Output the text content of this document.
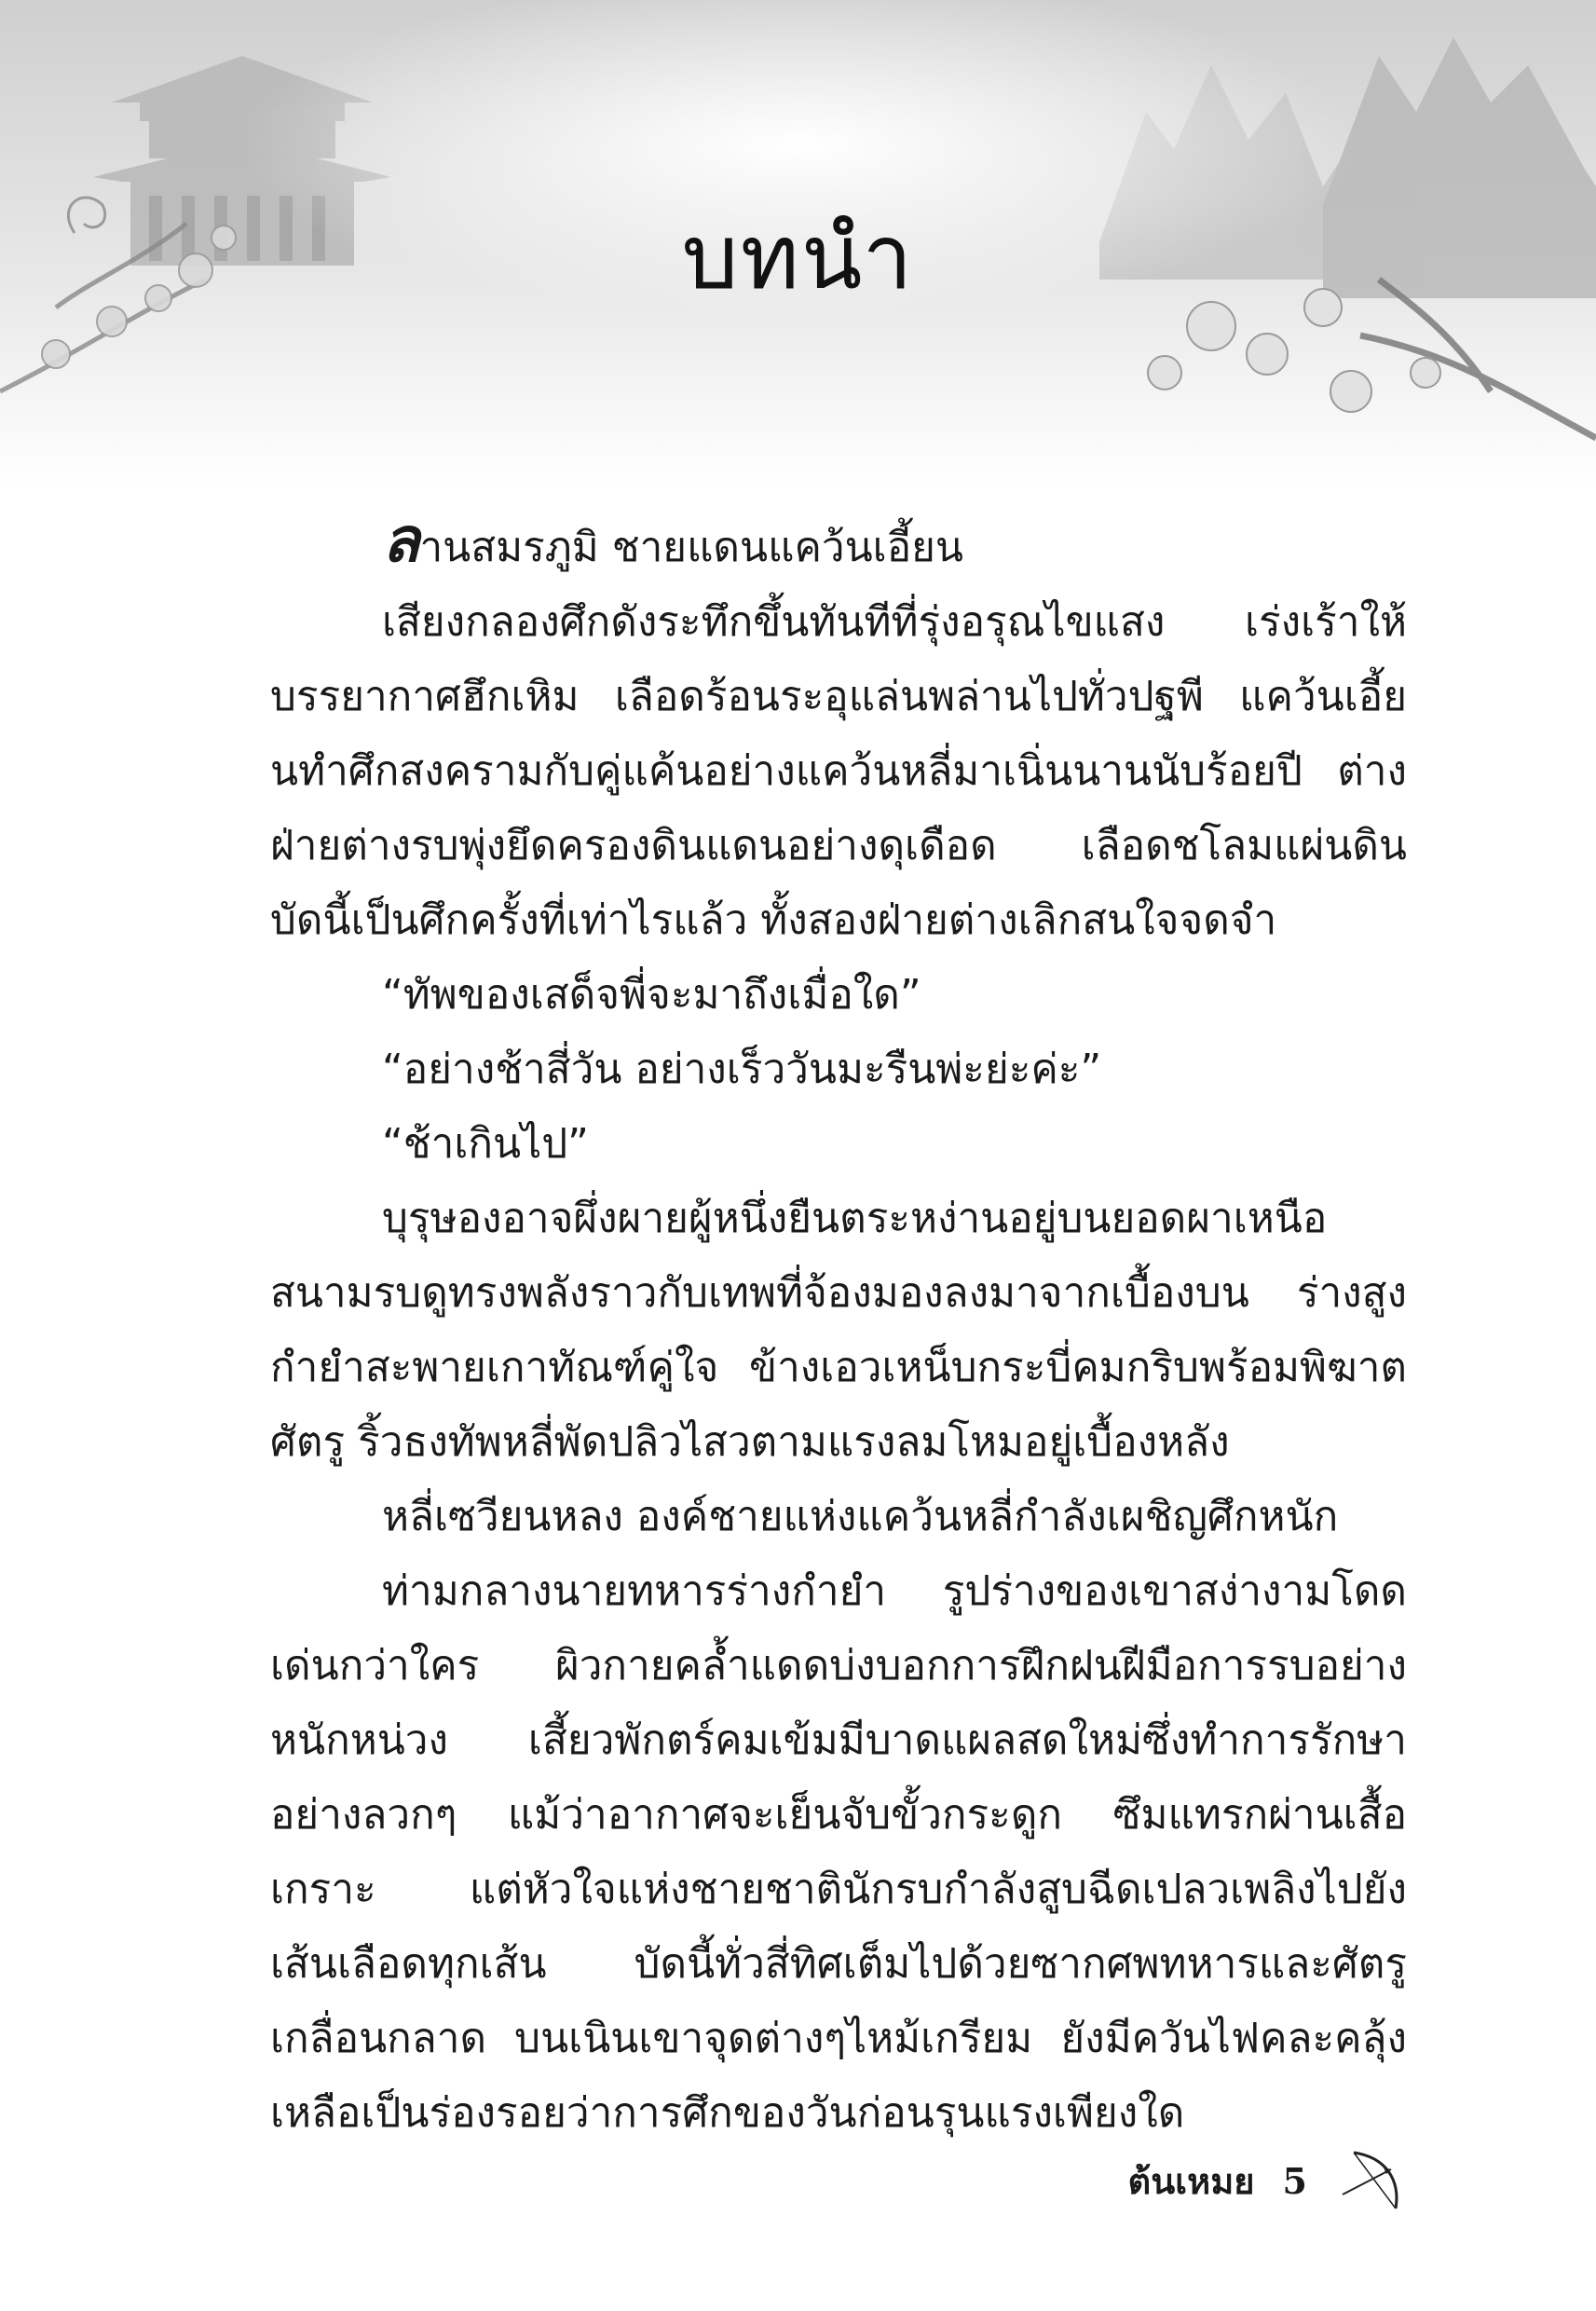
บทนำ

ลานสมรภูมิ ชายแดนแคว้นเอี้ยน

เสียงกลองศึกดังระทึกขึ้นทันทีที่รุ่งอรุณไขแสง เร่งเร้าให้บรรยากาศฮึกเหิม เลือดร้อนระอุแล่นพล่านไปทั่วปฐพี แคว้นเอี้ยนทำศึกสงครามกับคู่แค้นอย่างแคว้นหลี่มาเนิ่นนานนับร้อยปี ต่างฝ่ายต่างรบพุ่งยึดครองดินแดนอย่างดุเดือด เลือดชโลมแผ่นดิน บัดนี้เป็นศึกครั้งที่เท่าไรแล้ว ทั้งสองฝ่ายต่างเลิกสนใจจดจำ

“ทัพของเสด็จพี่จะมาถึงเมื่อใด”

“อย่างช้าสี่วัน อย่างเร็ววันมะรืนพ่ะย่ะค่ะ”

“ช้าเกินไป”

บุรุษองอาจผึ่งผายผู้หนึ่งยืนตระหง่านอยู่บนยอดผาเหนือสนามรบดูทรงพลังราวกับเทพที่จ้องมองลงมาจากเบื้องบน ร่างสูงกำยำสะพายเกาทัณฑ์คู่ใจ ข้างเอวเหน็บกระบี่คมกริบพร้อมพิฆาตศัตรู ริ้วธงทัพหลี่พัดปลิวไสวตามแรงลมโหมอยู่เบื้องหลัง

หลี่เซวียนหลง องค์ชายแห่งแคว้นหลี่กำลังเผชิญศึกหนัก

ท่ามกลางนายทหารร่างกำยำ รูปร่างของเขาสง่างามโดดเด่นกว่าใคร ผิวกายคล้ำแดดบ่งบอกการฝึกฝนฝีมือการรบอย่างหนักหน่วง เสี้ยวพักตร์คมเข้มมีบาดแผลสดใหม่ซึ่งทำการรักษาอย่างลวกๆ แม้ว่าอากาศจะเย็นจับขั้วกระดูก ซึมแทรกผ่านเสื้อเกราะ แต่หัวใจแห่งชายชาตินักรบกำลังสูบฉีดเปลวเพลิงไปยังเส้นเลือดทุกเส้น บัดนี้ทั่วสี่ทิศเต็มไปด้วยซากศพทหารและศัตรูเกลื่อนกลาด บนเนินเขาจุดต่างๆไหม้เกรียม ยังมีควันไฟคละคลุ้งเหลือเป็นร่องรอยว่าการศึกของวันก่อนรุนแรงเพียงใด

ต้นเหมย 5
